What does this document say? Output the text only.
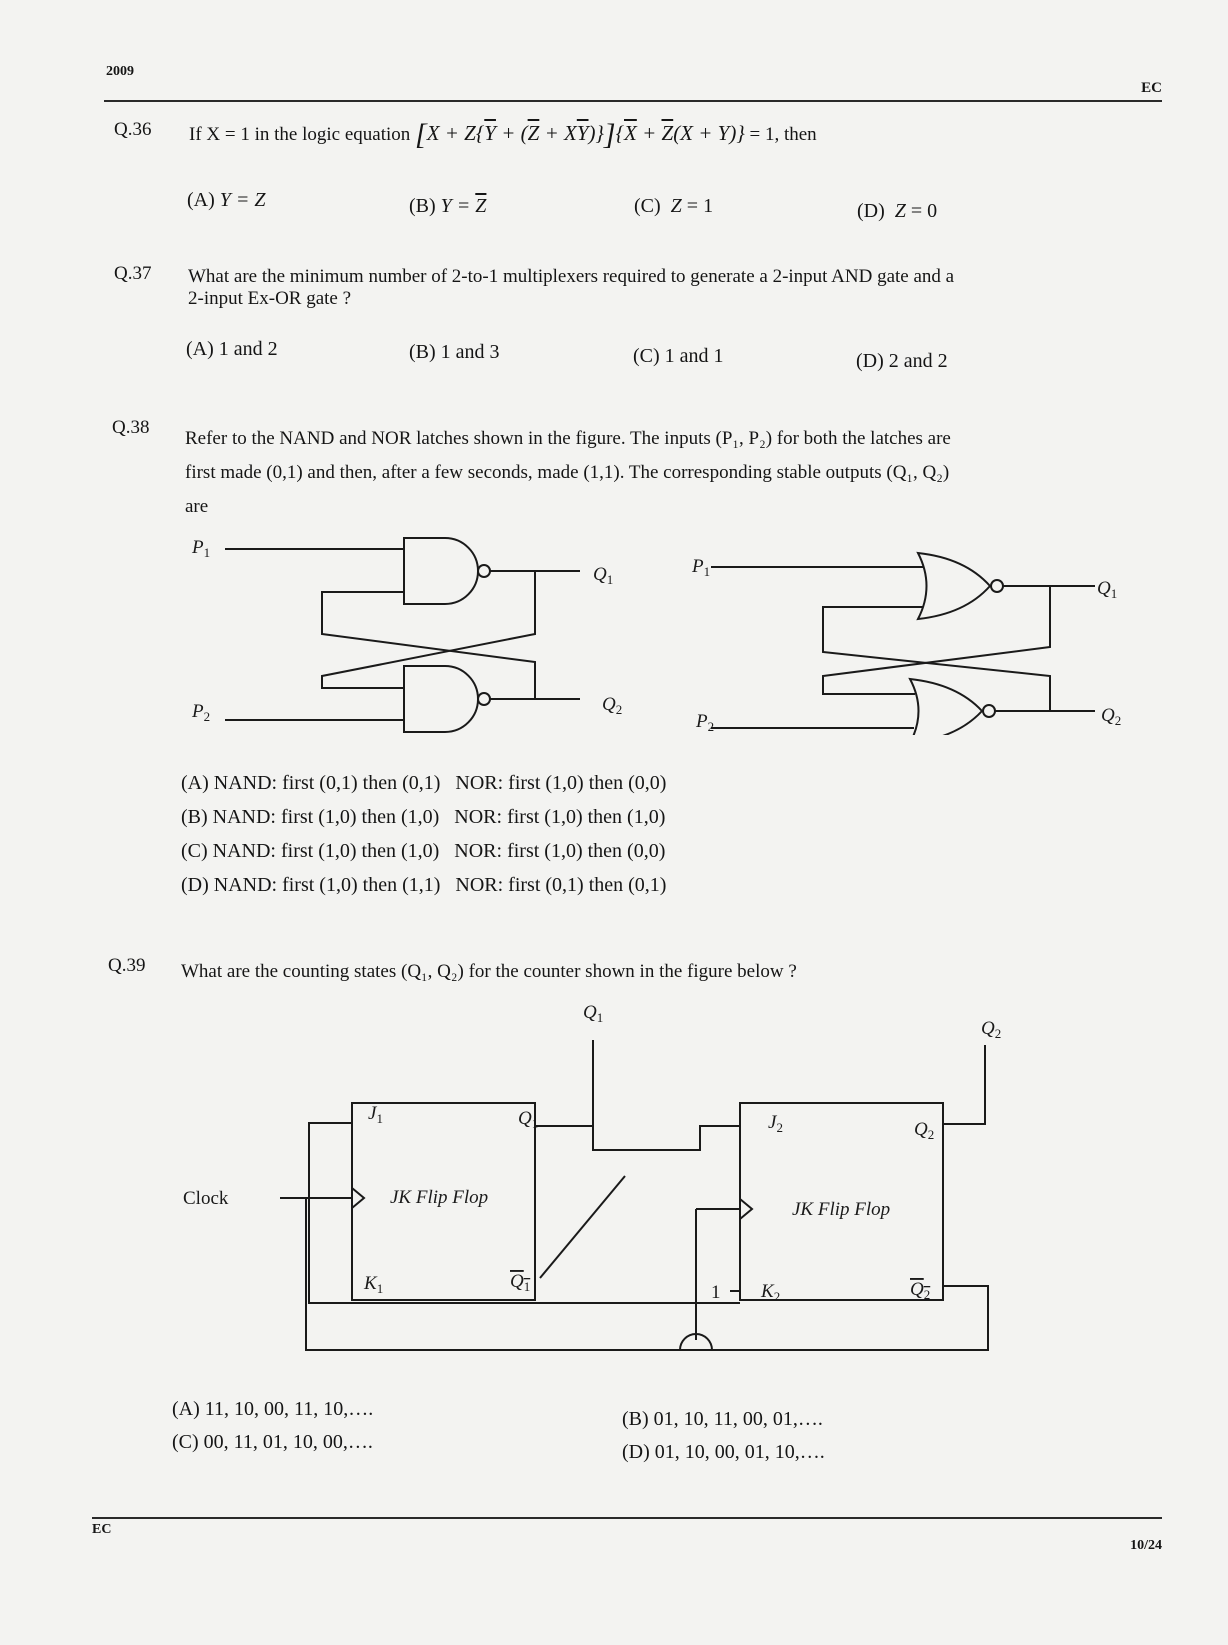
2009
EC
Q.36 If X = 1 in the logic equation $[X + Z\{\overline{Y} + (\overline{Z} + X\overline{Y})\}]\{\overline{X} + \overline{Z}(X + Y)\} = 1$, then
(A) Y = Z	(B) $Y = \overline{Z}$	(C) Z = 1	(D) Z = 0
Q.37 What are the minimum number of 2-to-1 multiplexers required to generate a 2-input AND gate and a
2-input Ex-OR gate ?
(A) 1 and 2	(B) 1 and 3	(C) 1 and 1	(D) 2 and 2
Q.38
Refer to the NAND and NOR latches shown in the figure. The inputs (P₁, P₂) for both the latches are
first made (0,1) and then, after a few seconds, made (1,1). The corresponding stable outputs (Q₁, Q₂)
are
$P_1$
$P_2$
$Q_1$
$Q_2$
$P_1$
$P_2$
$Q_1$
$Q_2$
(A) NAND: first (0,1) then (0,1)   NOR: first (1,0) then (0,0)
(B) NAND: first (1,0) then (1,0)   NOR: first (1,0) then (1,0)
(C) NAND: first (1,0) then (1,0)   NOR: first (1,0) then (0,0)
(D) NAND: first (1,0) then (1,1)   NOR: first (0,1) then (0,1)
Q.39 What are the counting states (Q₁, Q₂) for the counter shown in the figure below ?
Clock	JK Flip Flop
JK Flip Flop
$J_1$
$K_1$
$Q_1$
$Q_1$
$J_2$
$K_2$
$Q_2$
$Q_2$
$Q_1$
$Q_2$
1
(A) 11, 10, 00, 11, 10,….	(B) 01, 10, 11, 00, 01,….
(C) 00, 11, 01, 10, 00,….	(D) 01, 10, 00, 01, 10,….
EC
10/24
